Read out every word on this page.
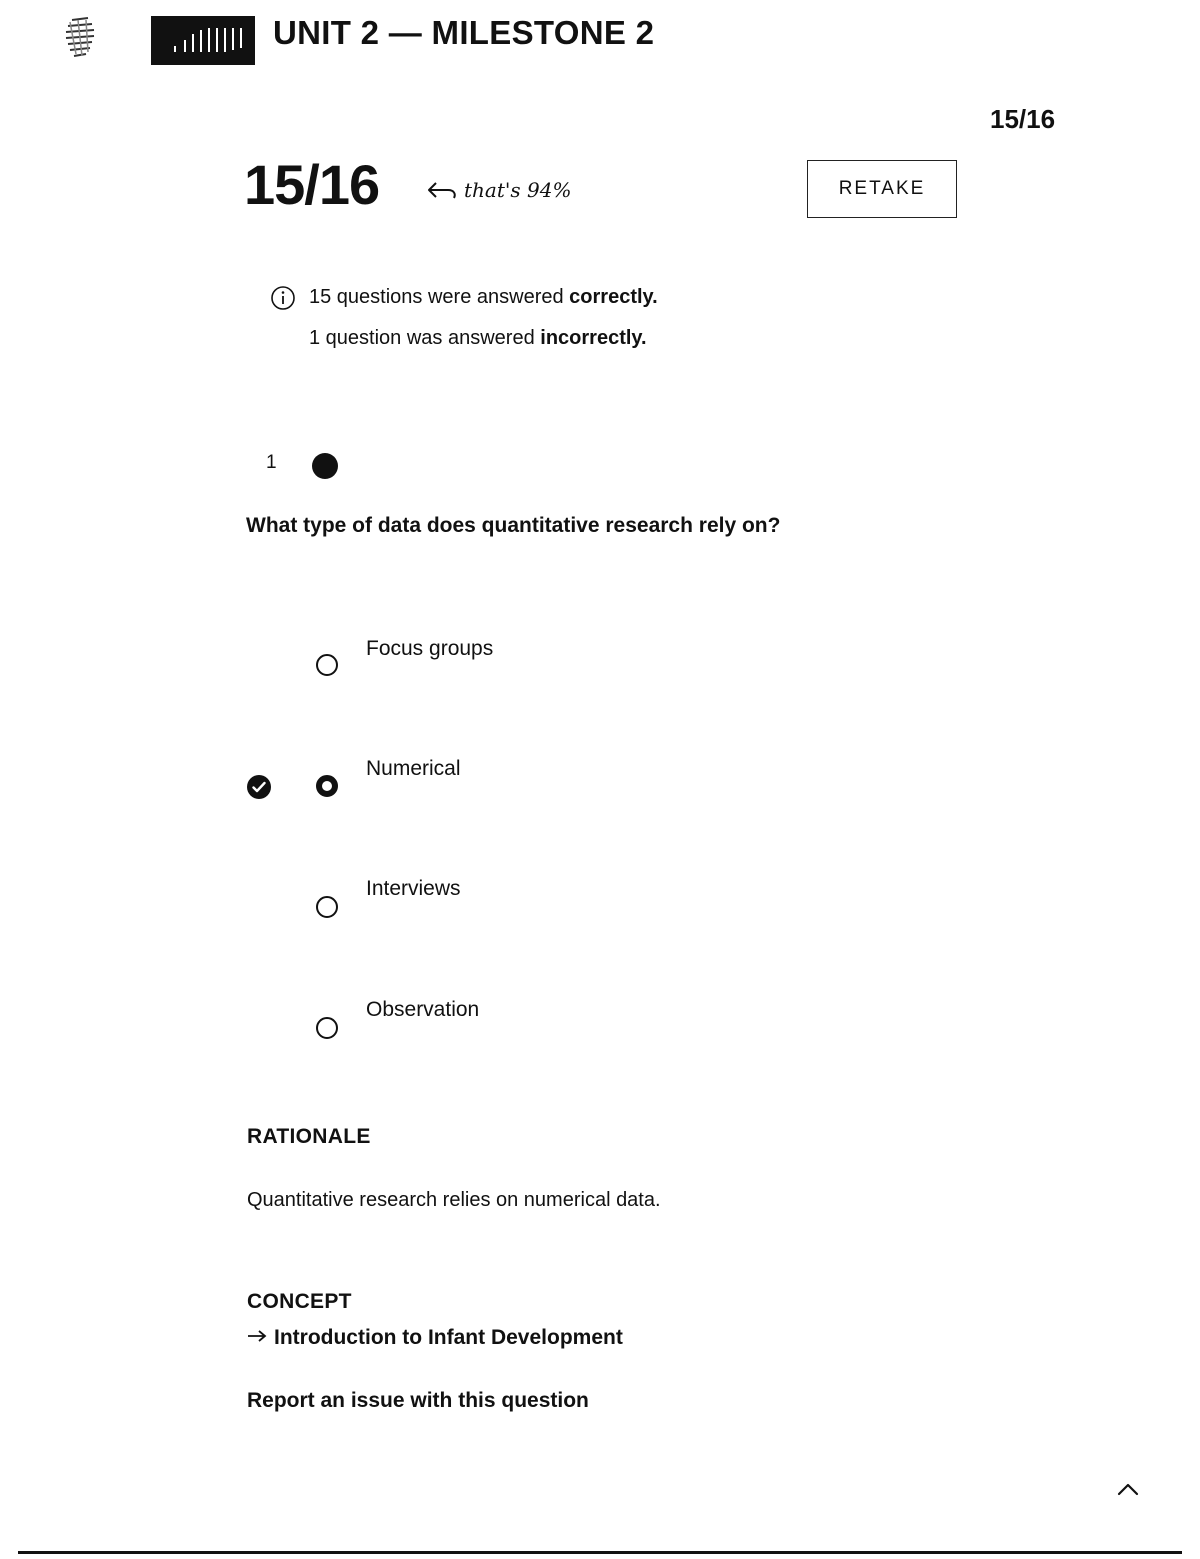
UNIT 2 — MILESTONE 2
15/16
15/16	that's 94%	RETAKE
15 questions were answered correctly.
1 question was answered incorrectly.
1
What type of data does quantitative research rely on?
Focus groups
Numerical
Interviews
Observation
RATIONALE
Quantitative research relies on numerical data.
CONCEPT
Introduction to Infant Development
Report an issue with this question
